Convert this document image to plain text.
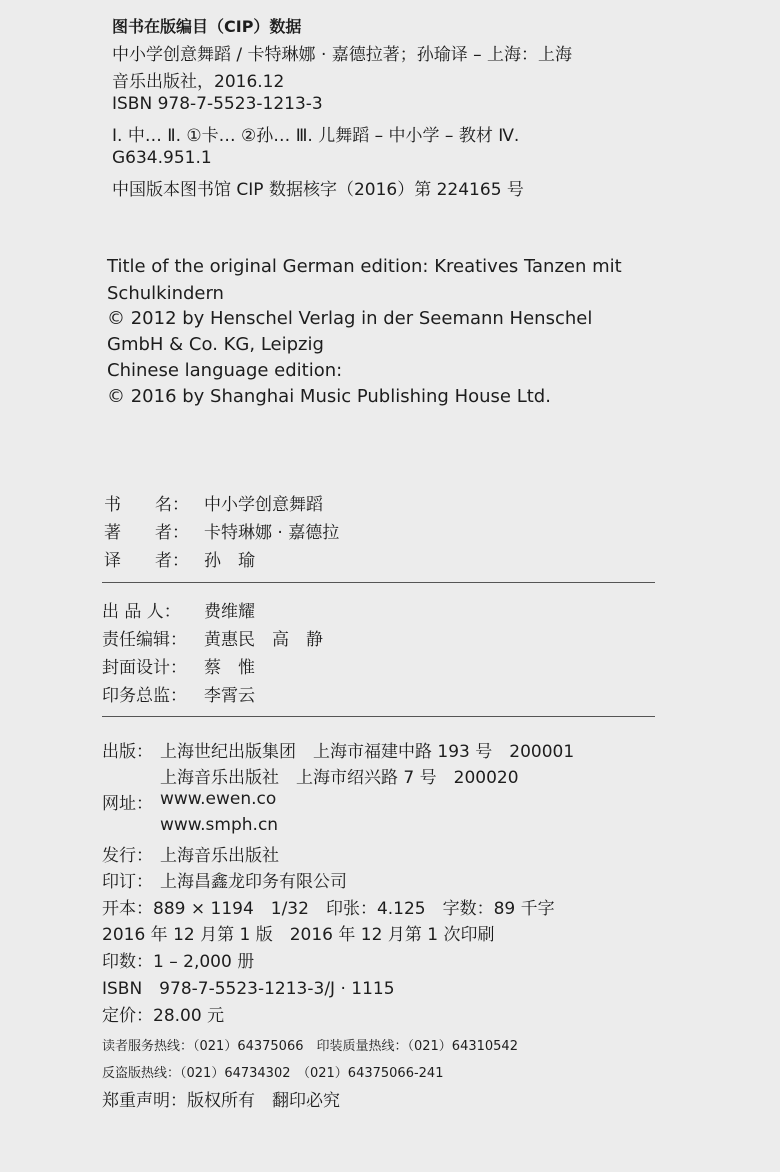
图书在版编目（CIP）数据
中小学创意舞蹈 / 卡特琳娜 · 嘉德拉著；孙瑜译 – 上海：上海
音乐出版社，2016.12
ISBN 978-7-5523-1213-3
Ⅰ. 中… Ⅱ. ①卡… ②孙… Ⅲ. 儿舞蹈 – 中小学 – 教材 Ⅳ.
G634.951.1
中国版本图书馆 CIP 数据核字（2016）第 224165 号
Title of the original German edition: Kreatives Tanzen mit
Schulkindern
© 2012 by Henschel Verlag in der Seemann Henschel
GmbH & Co. KG, Leipzig
Chinese language edition:
© 2016 by Shanghai Music Publishing House Ltd.
书　　名： 中小学创意舞蹈
著　　者： 卡特琳娜 · 嘉德拉
译　　者： 孙　瑜
出 品 人： 费维耀
责任编辑： 黄惠民　高　静
封面设计： 蔡　惟
印务总监： 李霄云
出版： 上海世纪出版集团　上海市福建中路 193 号　200001
上海音乐出版社　上海市绍兴路 7 号　200020
网址： www.ewen.co
www.smph.cn
发行： 上海音乐出版社
印订： 上海昌鑫龙印务有限公司
开本：889 × 1194　1/32　印张：4.125　字数：89 千字
2016 年 12 月第 1 版　2016 年 12 月第 1 次印刷
印数：1 – 2,000 册
ISBN　978-7-5523-1213-3/J · 1115
定价：28.00 元
读者服务热线：（021）64375066　印装质量热线：（021）64310542
反盗版热线：（021）64734302　（021）64375066-241
郑重声明：版权所有　翻印必究
